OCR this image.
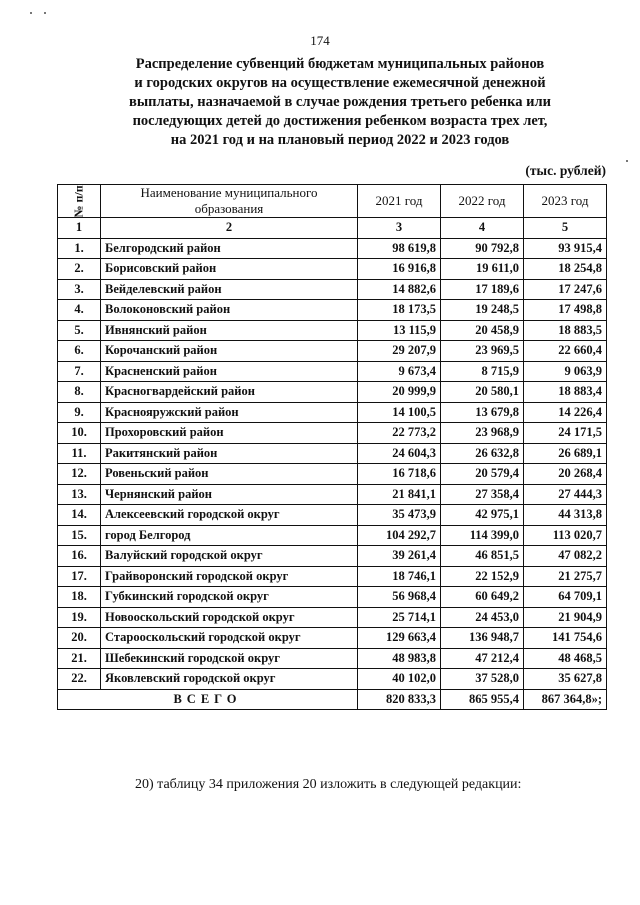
174
Распределение субвенций бюджетам муниципальных районов
и городских округов на осуществление ежемесячной денежной
выплаты, назначаемой в случае рождения третьего ребенка или
последующих детей до достижения ребенком возраста трех лет,
на 2021 год и на плановый период 2022 и 2023 годов
(тыс. рублей)
№ п/п	Наименование муниципального образования	2021 год	2022 год	2023 год
1	2	3	4	5
1.	Белгородский район	98 619,8	90 792,8	93 915,4
2.	Борисовский район	16 916,8	19 611,0	18 254,8
3.	Вейделевский район	14 882,6	17 189,6	17 247,6
4.	Волоконовский район	18 173,5	19 248,5	17 498,8
5.	Ивнянский район	13 115,9	20 458,9	18 883,5
6.	Корочанский район	29 207,9	23 969,5	22 660,4
7.	Красненский район	9 673,4	8 715,9	9 063,9
8.	Красногвардейский район	20 999,9	20 580,1	18 883,4
9.	Краснояружский район	14 100,5	13 679,8	14 226,4
10.	Прохоровский район	22 773,2	23 968,9	24 171,5
11.	Ракитянский район	24 604,3	26 632,8	26 689,1
12.	Ровеньский район	16 718,6	20 579,4	20 268,4
13.	Чернянский район	21 841,1	27 358,4	27 444,3
14.	Алексеевский городской округ	35 473,9	42 975,1	44 313,8
15.	город Белгород	104 292,7	114 399,0	113 020,7
16.	Валуйский городской округ	39 261,4	46 851,5	47 082,2
17.	Грайворонский городской округ	18 746,1	22 152,9	21 275,7
18.	Губкинский городской округ	56 968,4	60 649,2	64 709,1
19.	Новооскольский городской округ	25 714,1	24 453,0	21 904,9
20.	Старооскольский городской округ	129 663,4	136 948,7	141 754,6
21.	Шебекинский городской округ	48 983,8	47 212,4	48 468,5
22.	Яковлевский городской округ	40 102,0	37 528,0	35 627,8
ВСЕГО		820 833,3	865 955,4	867 364,8»;
20) таблицу 34 приложения 20 изложить в следующей редакции:
